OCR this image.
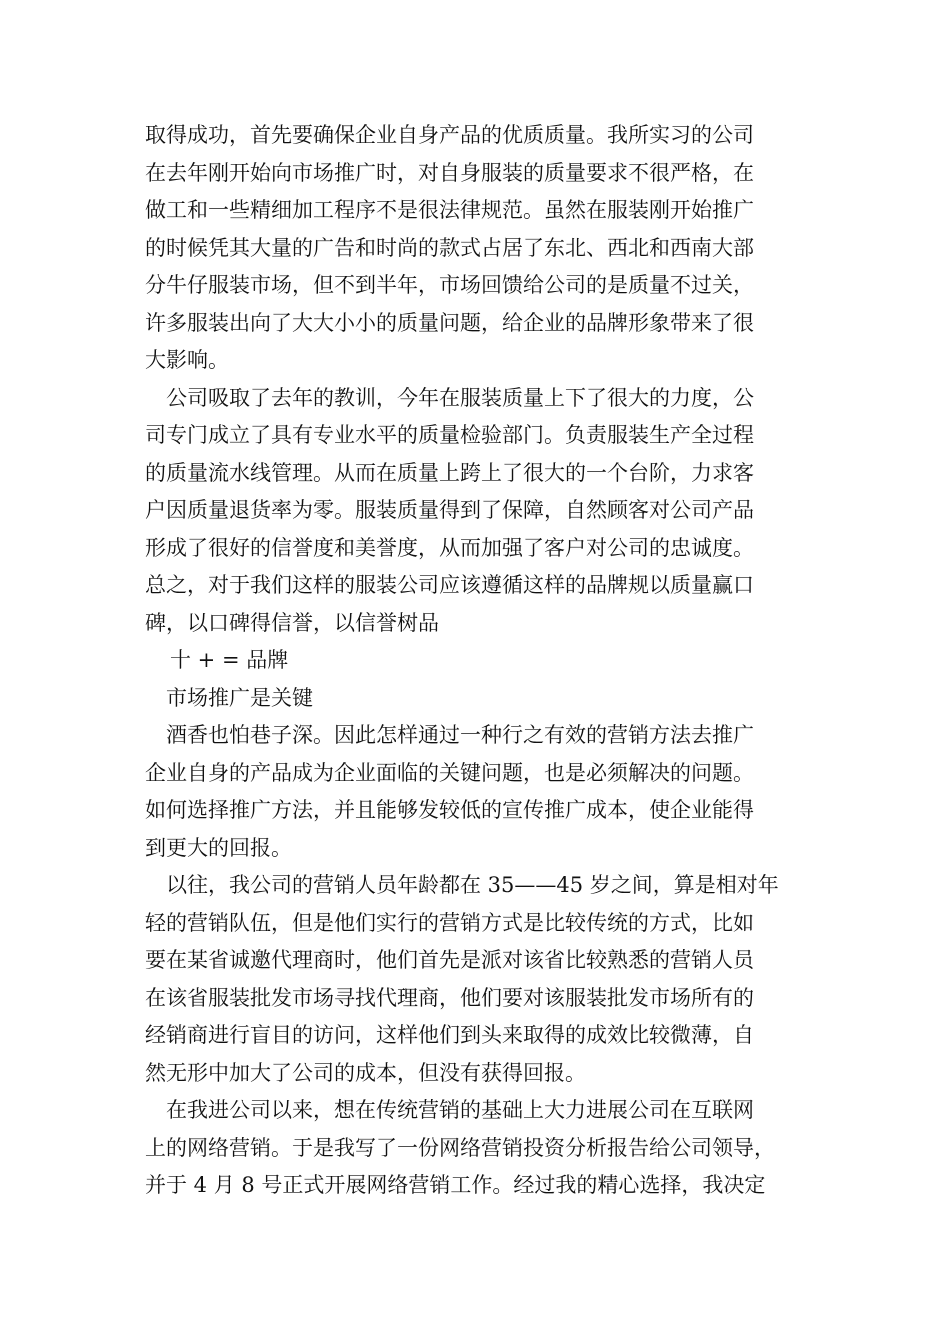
取得成功，首先要确保企业自身产品的优质质量。我所实习的公司
在去年刚开始向市场推广时，对自身服装的质量要求不很严格，在
做工和一些精细加工程序不是很法律规范。虽然在服装刚开始推广
的时候凭其大量的广告和时尚的款式占居了东北、西北和西南大部
分牛仔服装市场，但不到半年，市场回馈给公司的是质量不过关，
许多服装出向了大大小小的质量问题，给企业的品牌形象带来了很
大影响。
公司吸取了去年的教训，今年在服装质量上下了很大的力度，公
司专门成立了具有专业水平的质量检验部门。负责服装生产全过程
的质量流水线管理。从而在质量上跨上了很大的一个台阶，力求客
户因质量退货率为零。服装质量得到了保障，自然顾客对公司产品
形成了很好的信誉度和美誉度，从而加强了客户对公司的忠诚度。
总之，对于我们这样的服装公司应该遵循这样的品牌规以质量赢口
碑，以口碑得信誉，以信誉树品
十 + = 品牌
市场推广是关键
酒香也怕巷子深。因此怎样通过一种行之有效的营销方法去推广
企业自身的产品成为企业面临的关键问题，也是必须解决的问题。
如何选择推广方法，并且能够发较低的宣传推广成本，使企业能得
到更大的回报。
以往，我公司的营销人员年龄都在 35——45 岁之间，算是相对年
轻的营销队伍，但是他们实行的营销方式是比较传统的方式，比如
要在某省诚邀代理商时，他们首先是派对该省比较熟悉的营销人员
在该省服装批发市场寻找代理商，他们要对该服装批发市场所有的
经销商进行盲目的访问，这样他们到头来取得的成效比较微薄，自
然无形中加大了公司的成本，但没有获得回报。
在我进公司以来，想在传统营销的基础上大力进展公司在互联网
上的网络营销。于是我写了一份网络营销投资分析报告给公司领导，
并于 4 月 8 号正式开展网络营销工作。经过我的精心选择，我决定
